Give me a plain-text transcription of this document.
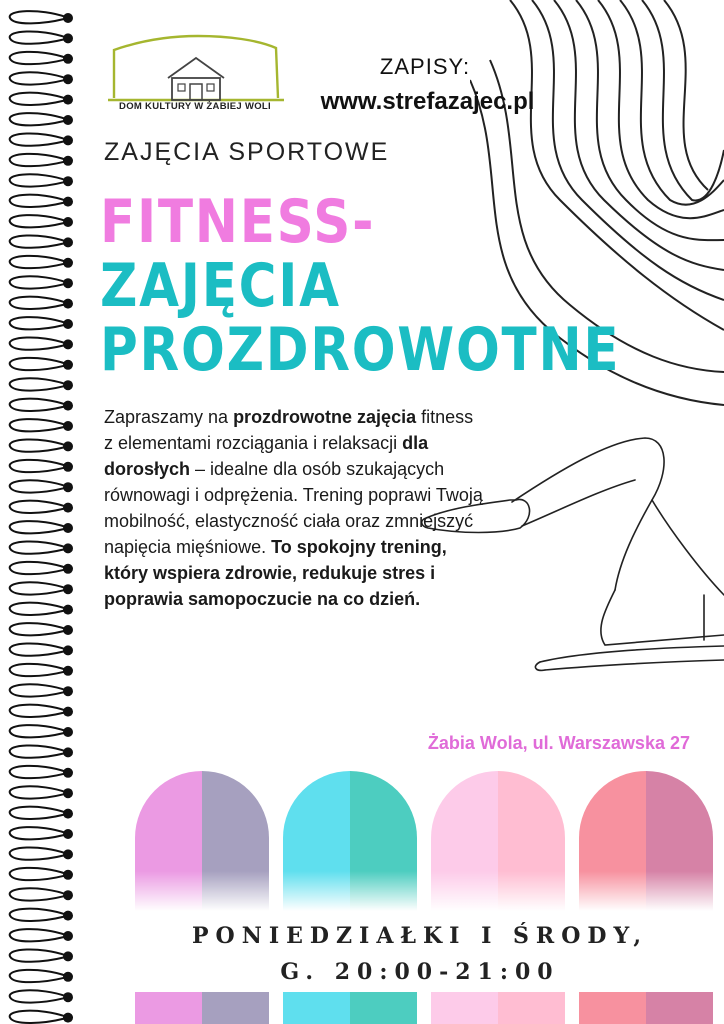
DOM KULTURY W ŻABIEJ WOLI
ZAPISY:
www.strefazajec.pl
ZAJĘCIA SPORTOWE
FITNESS-
ZAJĘCIA
PROZDROWOTNE
Zapraszamy na prozdrowotne zajęcia fitness z elementami rozciągania i relaksacji dla dorosłych – idealne dla osób szukających równowagi i odprężenia. Trening poprawi Twoją mobilność, elastyczność ciała oraz zmniejszyć napięcia mięśniowe. To spokojny trening, który wspiera zdrowie, redukuje stres i poprawia samopoczucie na co dzień.
Żabia Wola, ul. Warszawska 27
PONIEDZIAŁKI I ŚRODY,
G. 20:00-21:00
